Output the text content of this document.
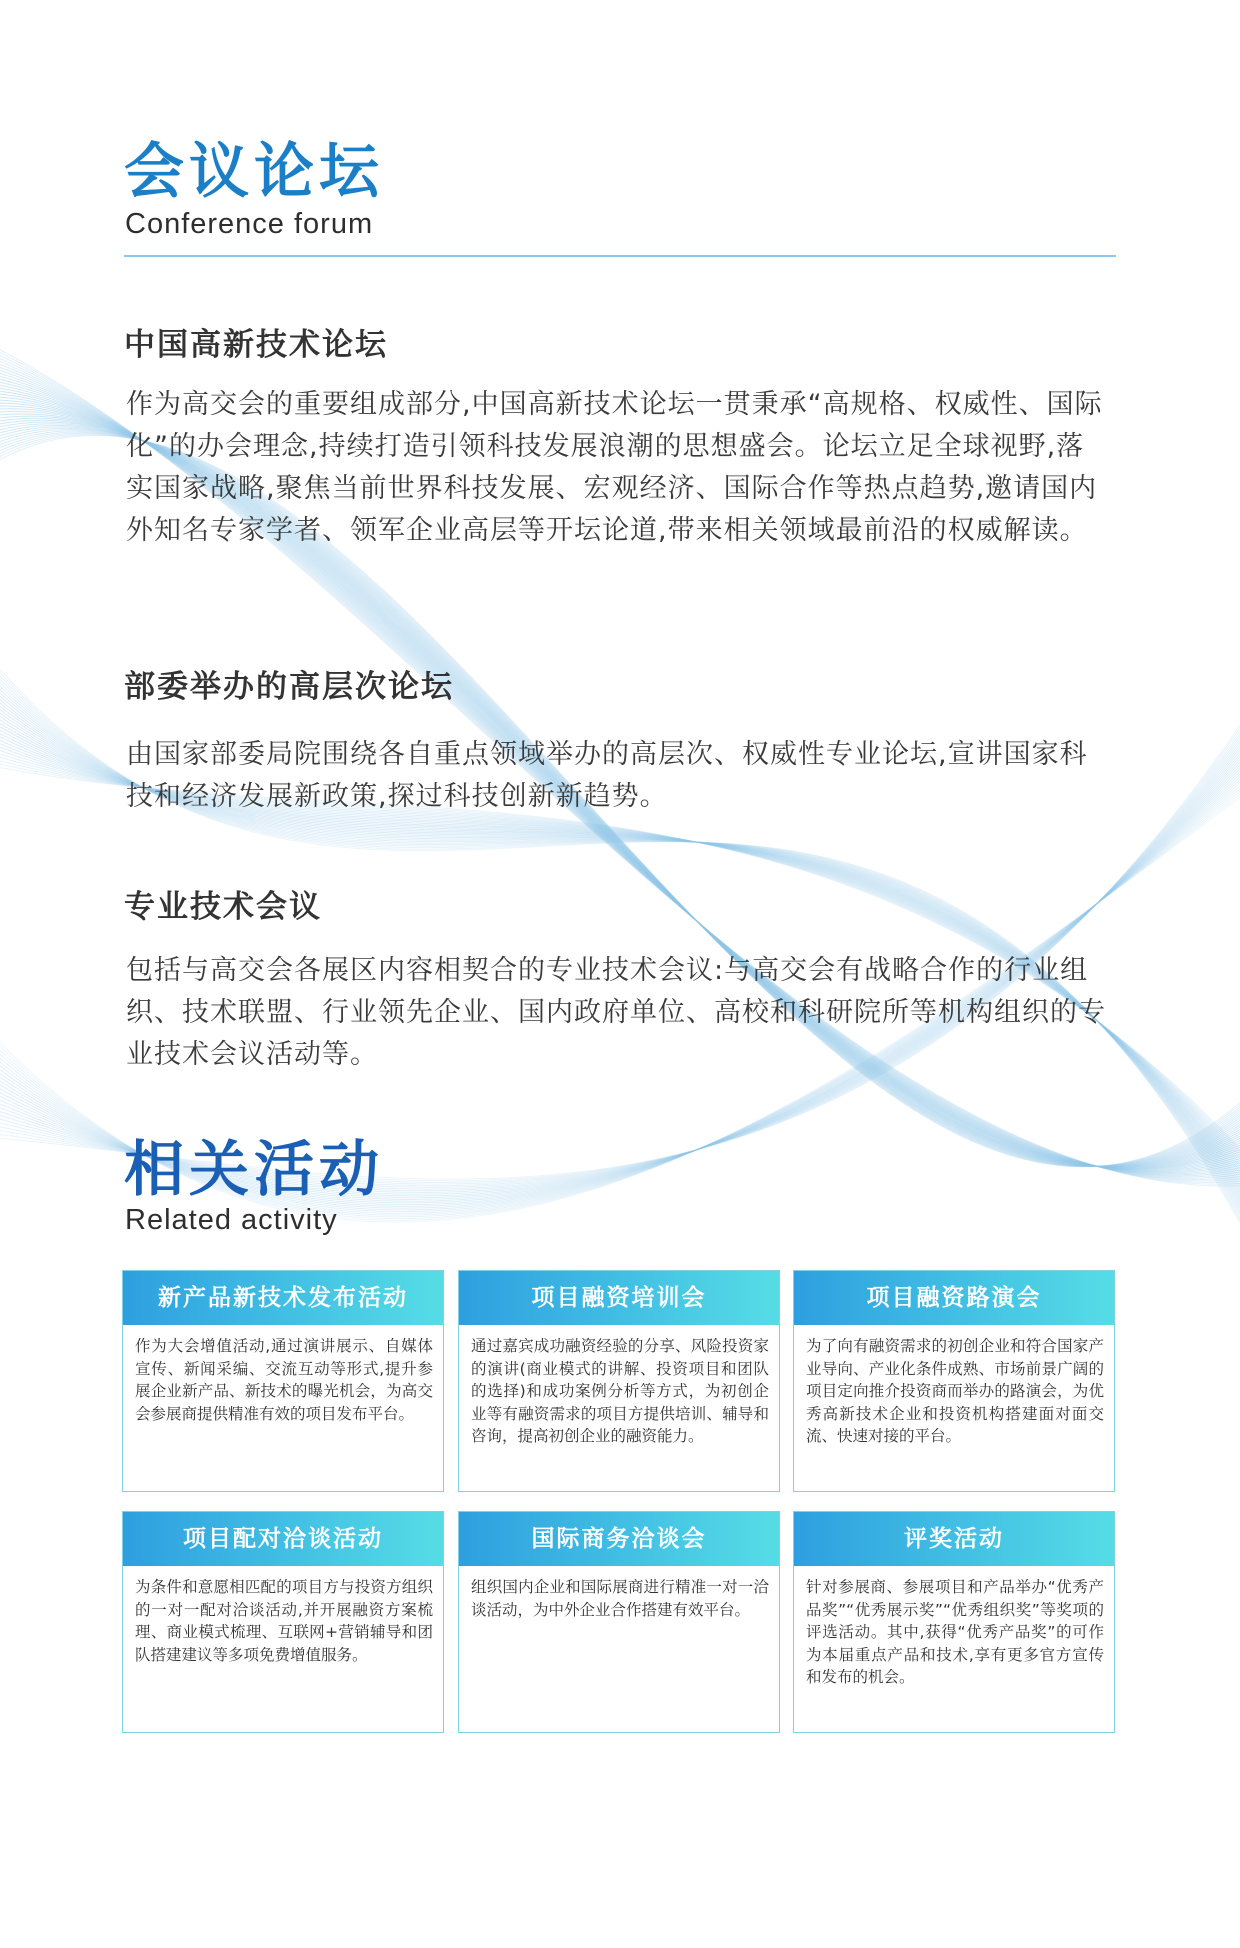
会议论坛
Conference forum
中国高新技术论坛

作为高交会的重要组成部分,中国高新技术论坛一贯秉承“高规格、权威性、国际化”的办会理念,持续打造引领科技发展浪潮的思想盛会。论坛立足全球视野,落实国家战略,聚焦当前世界科技发展、宏观经济、国际合作等热点趋势,邀请国内外知名专家学者、领军企业高层等开坛论道,带来相关领域最前沿的权威解读。

部委举办的高层次论坛

由国家部委局院围绕各自重点领域举办的高层次、权威性专业论坛,宣讲国家科技和经济发展新政策,探过科技创新新趋势。

专业技术会议

包括与高交会各展区内容相契合的专业技术会议:与高交会有战略合作的行业组织、技术联盟、行业领先企业、国内政府单位、高校和科研院所等机构组织的专业技术会议活动等。

相关活动
Related activity
新产品新技术发布活动

作为大会增值活动,通过演讲展示、自媒体宣传、新闻采编、交流互动等形式,提升参展企业新产品、新技术的曝光机会，为高交会参展商提供精准有效的项目发布平台。

项目融资培训会

通过嘉宾成功融资经验的分享、风险投资家的演讲(商业模式的讲解、投资项目和团队的选择)和成功案例分析等方式，为初创企业等有融资需求的项目方提供培训、辅导和咨询，提高初创企业的融资能力。

项目融资路演会

为了向有融资需求的初创企业和符合国家产业导向、产业化条件成熟、市场前景广阔的项目定向推介投资商而举办的路演会，为优秀高新技术企业和投资机构搭建面对面交流、快速对接的平台。

项目配对洽谈活动

为条件和意愿相匹配的项目方与投资方组织的一对一配对洽谈活动,并开展融资方案梳理、商业模式梳理、互联网+营销辅导和团队搭建建议等多项免费增值服务。

国际商务洽谈会

组织国内企业和国际展商进行精准一对一洽谈活动，为中外企业合作搭建有效平台。

评奖活动

针对参展商、参展项目和产品举办“优秀产品奖”“优秀展示奖”“优秀组织奖”等奖项的评选活动。其中,获得“优秀产品奖”的可作为本届重点产品和技术,享有更多官方宣传和发布的机会。
